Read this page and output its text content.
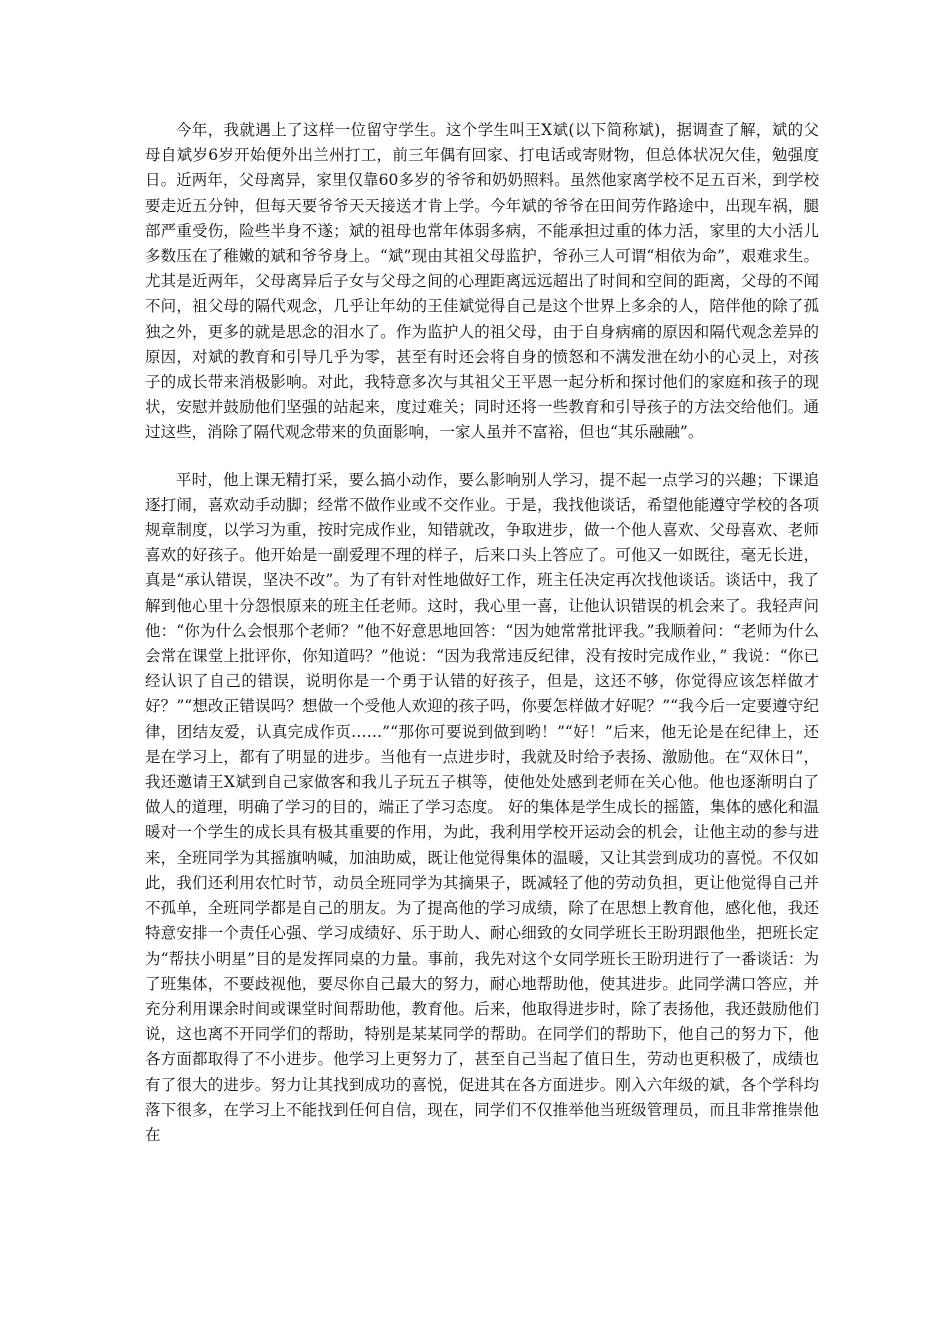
今年，我就遇上了这样一位留守学生。这个学生叫王X斌(以下简称斌)，据调查了解，斌的父母自斌岁6岁开始便外出兰州打工，前三年偶有回家、打电话或寄财物，但总体状况欠佳，勉强度日。近两年，父母离异，家里仅靠60多岁的爷爷和奶奶照料。虽然他家离学校不足五百米，到学校要走近五分钟，但每天要爷爷天天接送才肯上学。今年斌的爷爷在田间劳作路途中，出现车祸，腿部严重受伤，险些半身不遂；斌的祖母也常年体弱多病，不能承担过重的体力活，家里的大小活儿多数压在了稚嫩的斌和爷爷身上。“斌”现由其祖父母监护，爷孙三人可谓“相依为命”，艰难求生。尤其是近两年，父母离异后子女与父母之间的心理距离远远超出了时间和空间的距离，父母的不闻不问，祖父母的隔代观念，几乎让年幼的王佳斌觉得自己是这个世界上多余的人，陪伴他的除了孤独之外，更多的就是思念的泪水了。作为监护人的祖父母，由于自身病痛的原因和隔代观念差异的原因，对斌的教育和引导几乎为零，甚至有时还会将自身的愤怒和不满发泄在幼小的心灵上，对孩子的成长带来消极影响。对此，我特意多次与其祖父王平恩一起分析和探讨他们的家庭和孩子的现状，安慰并鼓励他们坚强的站起来，度过难关；同时还将一些教育和引导孩子的方法交给他们。通过这些，消除了隔代观念带来的负面影响，一家人虽并不富裕，但也“其乐融融”。

平时，他上课无精打采，要么搞小动作，要么影响别人学习，提不起一点学习的兴趣；下课追逐打闹，喜欢动手动脚；经常不做作业或不交作业。于是，我找他谈话，希望他能遵守学校的各项规章制度，以学习为重，按时完成作业，知错就改，争取进步，做一个他人喜欢、父母喜欢、老师喜欢的好孩子。他开始是一副爱理不理的样子，后来口头上答应了。可他又一如既往，毫无长进，真是“承认错误，坚决不改”。为了有针对性地做好工作，班主任决定再次找他谈话。谈话中，我了解到他心里十分怨恨原来的班主任老师。这时，我心里一喜，让他认识错误的机会来了。我轻声问他：“你为什么会恨那个老师？”他不好意思地回答：“因为她常常批评我。”我顺着问：“老师为什么会常在课堂上批评你，你知道吗？”他说：“因为我常违反纪律，没有按时完成作业，” 我说：“你已经认识了自己的错误，说明你是一个勇于认错的好孩子，但是，这还不够，你觉得应该怎样做才好？”“想改正错误吗？想做一个受他人欢迎的孩子吗，你要怎样做才好呢？”“我今后一定要遵守纪律，团结友爱，认真完成作页……”“那你可要说到做到哟！”“好！”后来，他无论是在纪律上，还是在学习上，都有了明显的进步。当他有一点进步时，我就及时给予表扬、激励他。在“双休日”，我还邀请王X斌到自己家做客和我儿子玩五子棋等，使他处处感到老师在关心他。他也逐渐明白了做人的道理，明确了学习的目的，端正了学习态度。 好的集体是学生成长的摇篮，集体的感化和温暖对一个学生的成长具有极其重要的作用，为此，我利用学校开运动会的机会，让他主动的参与进来，全班同学为其摇旗呐喊，加油助威，既让他觉得集体的温暖，又让其尝到成功的喜悦。不仅如此，我们还利用农忙时节，动员全班同学为其摘果子，既减轻了他的劳动负担，更让他觉得自己并不孤单，全班同学都是自己的朋友。为了提高他的学习成绩，除了在思想上教育他，感化他，我还特意安排一个责任心强、学习成绩好、乐于助人、耐心细致的女同学班长王盼玥跟他坐，把班长定为“帮扶小明星”目的是发挥同桌的力量。事前，我先对这个女同学班长王盼玥进行了一番谈话：为了班集体，不要歧视他，要尽你自己最大的努力，耐心地帮助他，使其进步。此同学满口答应，并充分利用课余时间或课堂时间帮助他，教育他。后来，他取得进步时，除了表扬他，我还鼓励他们说，这也离不开同学们的帮助，特别是某某同学的帮助。在同学们的帮助下，他自己的努力下，他各方面都取得了不小进步。他学习上更努力了，甚至自己当起了值日生，劳动也更积极了，成绩也有了很大的进步。努力让其找到成功的喜悦，促进其在各方面进步。刚入六年级的斌，各个学科均落下很多，在学习上不能找到任何自信，现在，同学们不仅推举他当班级管理员，而且非常推崇他在
